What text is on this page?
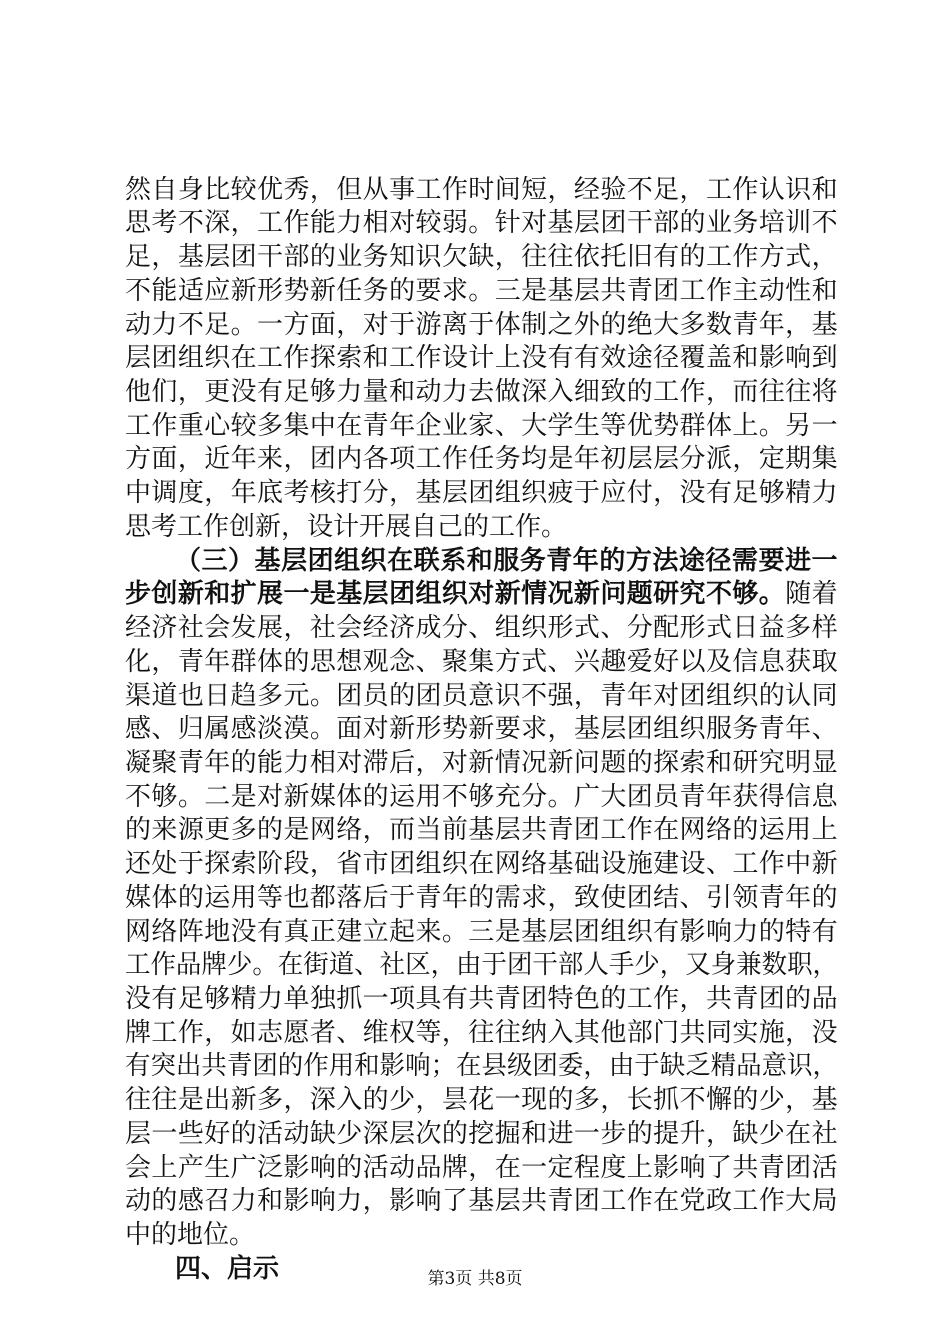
然自身比较优秀，但从事工作时间短，经验不足，工作认识和
思考不深，工作能力相对较弱。针对基层团干部的业务培训不
足，基层团干部的业务知识欠缺，往往依托旧有的工作方式，
不能适应新形势新任务的要求。三是基层共青团工作主动性和
动力不足。一方面，对于游离于体制之外的绝大多数青年，基
层团组织在工作探索和工作设计上没有有效途径覆盖和影响到
他们，更没有足够力量和动力去做深入细致的工作，而往往将
工作重心较多集中在青年企业家、大学生等优势群体上。另一
方面，近年来，团内各项工作任务均是年初层层分派，定期集
中调度，年底考核打分，基层团组织疲于应付，没有足够精力
思考工作创新，设计开展自己的工作。
（三）基层团组织在联系和服务青年的方法途径需要进一
步创新和扩展一是基层团组织对新情况新问题研究不够。随着
经济社会发展，社会经济成分、组织形式、分配形式日益多样
化，青年群体的思想观念、聚集方式、兴趣爱好以及信息获取
渠道也日趋多元。团员的团员意识不强，青年对团组织的认同
感、归属感淡漠。面对新形势新要求，基层团组织服务青年、
凝聚青年的能力相对滞后，对新情况新问题的探索和研究明显
不够。二是对新媒体的运用不够充分。广大团员青年获得信息
的来源更多的是网络，而当前基层共青团工作在网络的运用上
还处于探索阶段，省市团组织在网络基础设施建设、工作中新
媒体的运用等也都落后于青年的需求，致使团结、引领青年的
网络阵地没有真正建立起来。三是基层团组织有影响力的特有
工作品牌少。在街道、社区，由于团干部人手少，又身兼数职，
没有足够精力单独抓一项具有共青团特色的工作，共青团的品
牌工作，如志愿者、维权等，往往纳入其他部门共同实施，没
有突出共青团的作用和影响；在县级团委，由于缺乏精品意识，
往往是出新多，深入的少，昙花一现的多，长抓不懈的少，基
层一些好的活动缺少深层次的挖掘和进一步的提升，缺少在社
会上产生广泛影响的活动品牌，在一定程度上影响了共青团活
动的感召力和影响力，影响了基层共青团工作在党政工作大局
中的地位。
四、启示	第3页 共8页
